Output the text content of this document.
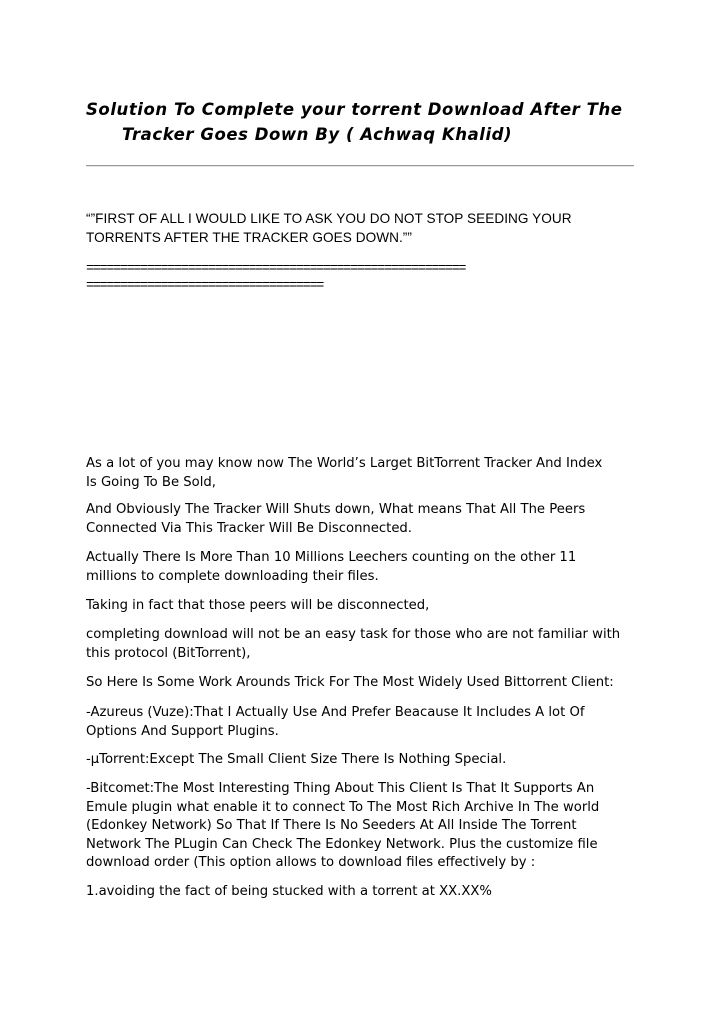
Solution To Complete your torrent Download After The
Tracker Goes Down By ( Achwaq Khalid)

“”FIRST OF ALL I WOULD LIKE TO ASK YOU DO NOT STOP SEEDING YOUR
TORRENTS AFTER THE TRACKER GOES DOWN.””

========================================================
===================================

As a lot of you may know now The World’s Larget BitTorrent Tracker And Index
Is Going To Be Sold,

And Obviously The Tracker Will Shuts down, What means That All The Peers
Connected Via This Tracker Will Be Disconnected.

Actually There Is More Than 10 Millions Leechers counting on the other 11
millions to complete downloading their files.

Taking in fact that those peers will be disconnected,

completing download will not be an easy task for those who are not familiar with
this protocol (BitTorrent),

So Here Is Some Work Arounds Trick For The Most Widely Used Bittorrent Client:

-Azureus (Vuze):That I Actually Use And Prefer Beacause It Includes A lot Of
Options And Support Plugins.

-µTorrent:Except The Small Client Size There Is Nothing Special.

-Bitcomet:The Most Interesting Thing About This Client Is That It Supports An
Emule plugin what enable it to connect To The Most Rich Archive In The world
(Edonkey Network) So That If There Is No Seeders At All Inside The Torrent
Network The PLugin Can Check The Edonkey Network. Plus the customize file
download order (This option allows to download files effectively by :

1.avoiding the fact of being stucked with a torrent at XX.XX%
